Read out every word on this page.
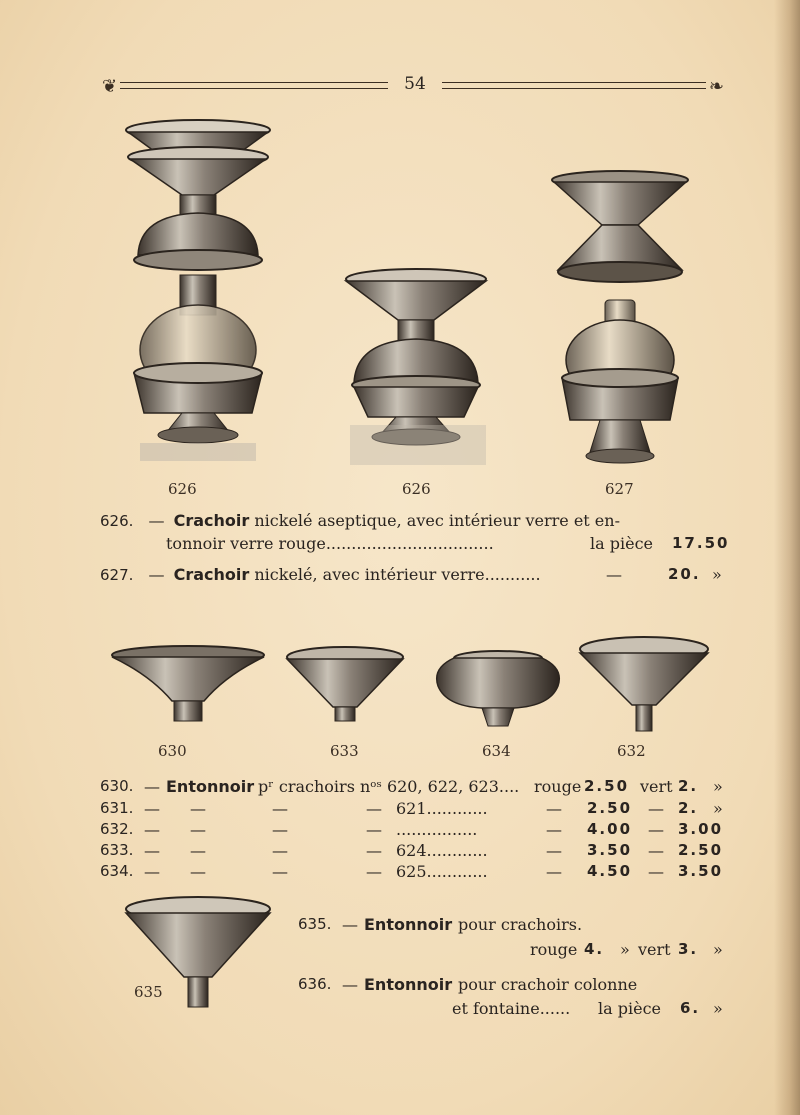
❦	54	❧
626	626	627
626. — Crachoir nickelé aseptique, avec intérieur verre et en-
tonnoir verre rouge.................................	la pièce 17.50
627. — Crachoir nickelé, avec intérieur verre...........	—	20. »
630	633	634	632
630. — Entonnoir pʳ crachoirs nᵒˢ 620, 622, 623.... rouge 2.50 vert 2. »
631. — —	—	— 621............	— 2.50 — 2. »
632. — —	—	— ................	— 4.00 — 3.00
633. — —	—	— 624............	— 3.50 — 2.50
634. — —	—	— 625............	— 4.50 — 3.50
635
635. — Entonnoir pour crachoirs.
rouge 4. » vert 3. »
636. — Entonnoir pour crachoir colonne
et fontaine...... la pièce 6. »
